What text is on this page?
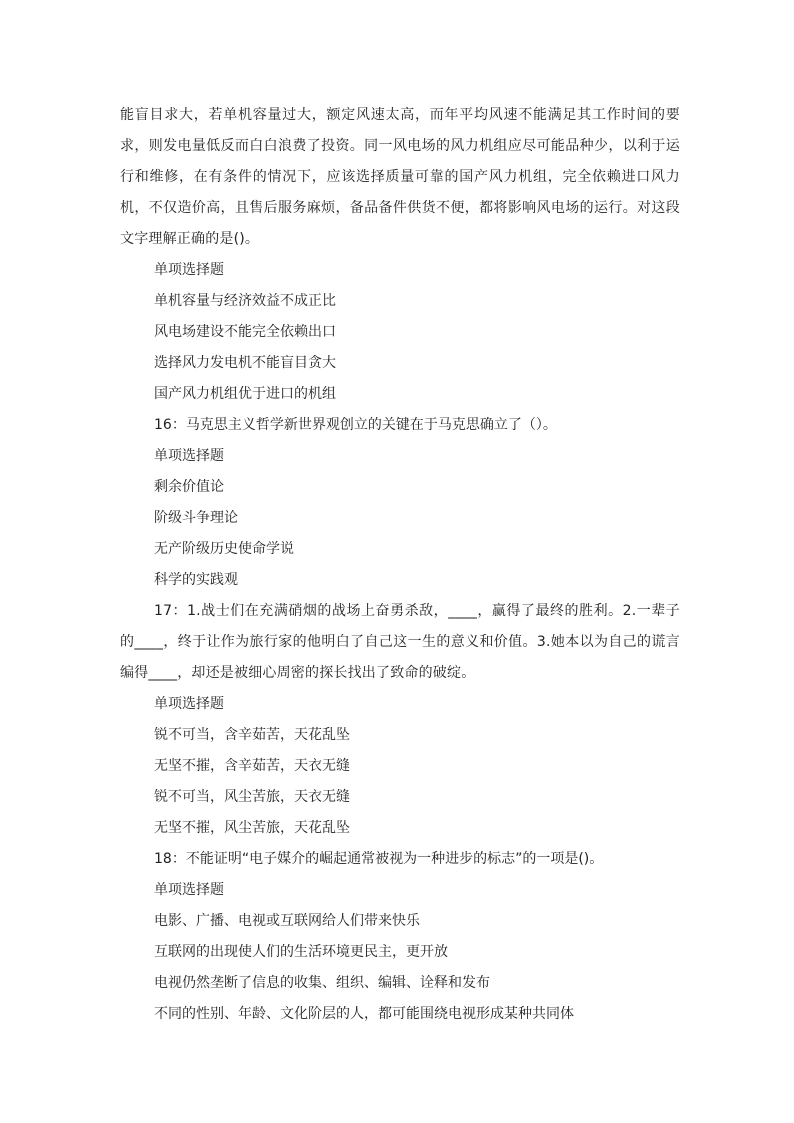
能盲目求大，若单机容量过大，额定风速太高，而年平均风速不能满足其工作时间的要求，则发电量低反而白白浪费了投资。同一风电场的风力机组应尽可能品种少，以利于运行和维修，在有条件的情况下，应该选择质量可靠的国产风力机组，完全依赖进口风力机，不仅造价高，且售后服务麻烦，备品备件供货不便，都将影响风电场的运行。对这段文字理解正确的是()。

单项选择题
单机容量与经济效益不成正比
风电场建设不能完全依赖出口
选择风力发电机不能盲目贪大
国产风力机组优于进口的机组
16：马克思主义哲学新世界观创立的关键在于马克思确立了（）。
单项选择题
剩余价值论
阶级斗争理论
无产阶级历史使命学说
科学的实践观

17：1.战士们在充满硝烟的战场上奋勇杀敌，____，赢得了最终的胜利。2.一辈子的____，终于让作为旅行家的他明白了自己这一生的意义和价值。3.她本以为自己的谎言编得____，却还是被细心周密的探长找出了致命的破绽。

单项选择题
锐不可当，含辛茹苦，天花乱坠
无坚不摧，含辛茹苦，天衣无缝
锐不可当，风尘苦旅，天衣无缝
无坚不摧，风尘苦旅，天花乱坠
18：不能证明“电子媒介的崛起通常被视为一种进步的标志”的一项是()。
单项选择题
电影、广播、电视或互联网给人们带来快乐
互联网的出现使人们的生活环境更民主，更开放
电视仍然垄断了信息的收集、组织、编辑、诠释和发布
不同的性别、年龄、文化阶层的人，都可能围绕电视形成某种共同体
